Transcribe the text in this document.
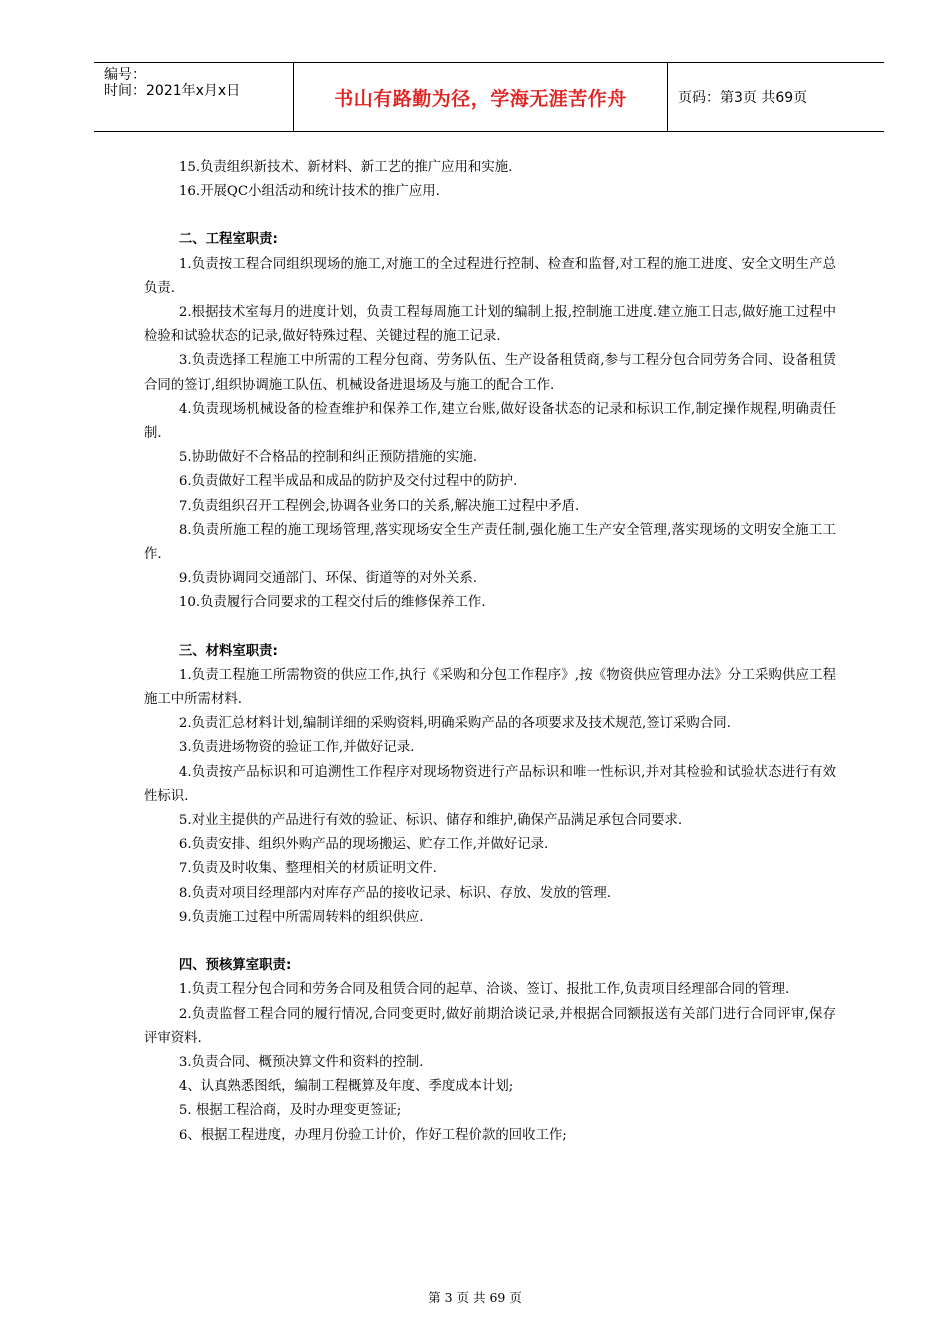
编号：
时间：2021年x月x日	书山有路勤为径，学海无涯苦作舟	页码：第3页 共69页

15.负责组织新技术、新材料、新工艺的推广应用和实施.

16.开展QC小组活动和统计技术的推广应用.

二、工程室职责:

1.负责按工程合同组织现场的施工,对施工的全过程进行控制、检查和监督,对工程的施工进度、安全文明生产总负责.

2.根据技术室每月的进度计划，负责工程每周施工计划的编制上报,控制施工进度.建立施工日志,做好施工过程中检验和试验状态的记录,做好特殊过程、关键过程的施工记录.

3.负责选择工程施工中所需的工程分包商、劳务队伍、生产设备租赁商,参与工程分包合同劳务合同、设备租赁合同的签订,组织协调施工队伍、机械设备进退场及与施工的配合工作.

4.负责现场机械设备的检查维护和保养工作,建立台账,做好设备状态的记录和标识工作,制定操作规程,明确责任制.

5.协助做好不合格品的控制和纠正预防措施的实施.

6.负责做好工程半成品和成品的防护及交付过程中的防护.

7.负责组织召开工程例会,协调各业务口的关系,解决施工过程中矛盾.

8.负责所施工程的施工现场管理,落实现场安全生产责任制,强化施工生产安全管理,落实现场的文明安全施工工作.

9.负责协调同交通部门、环保、街道等的对外关系.

10.负责履行合同要求的工程交付后的维修保养工作.

三、材料室职责:

1.负责工程施工所需物资的供应工作,执行《采购和分包工作程序》,按《物资供应管理办法》分工采购供应工程施工中所需材料.

2.负责汇总材料计划,编制详细的采购资料,明确采购产品的各项要求及技术规范,签订采购合同.

3.负责进场物资的验证工作,并做好记录.

4.负责按产品标识和可追溯性工作程序对现场物资进行产品标识和唯一性标识,并对其检验和试验状态进行有效性标识.

5.对业主提供的产品进行有效的验证、标识、储存和维护,确保产品满足承包合同要求.

6.负责安排、组织外购产品的现场搬运、贮存工作,并做好记录.

7.负责及时收集、整理相关的材质证明文件.

8.负责对项目经理部内对库存产品的接收记录、标识、存放、发放的管理.

9.负责施工过程中所需周转料的组织供应.

四、预核算室职责:

1.负责工程分包合同和劳务合同及租赁合同的起草、洽谈、签订、报批工作,负责项目经理部合同的管理.

2.负责监督工程合同的履行情况,合同变更时,做好前期洽谈记录,并根据合同额报送有关部门进行合同评审,保存评审资料.

3.负责合同、概预决算文件和资料的控制.

4、认真熟悉图纸，编制工程概算及年度、季度成本计划;

5. 根据工程洽商，及时办理变更签证;

6、根据工程进度，办理月份验工计价，作好工程价款的回收工作;

第 3 页 共 69 页
